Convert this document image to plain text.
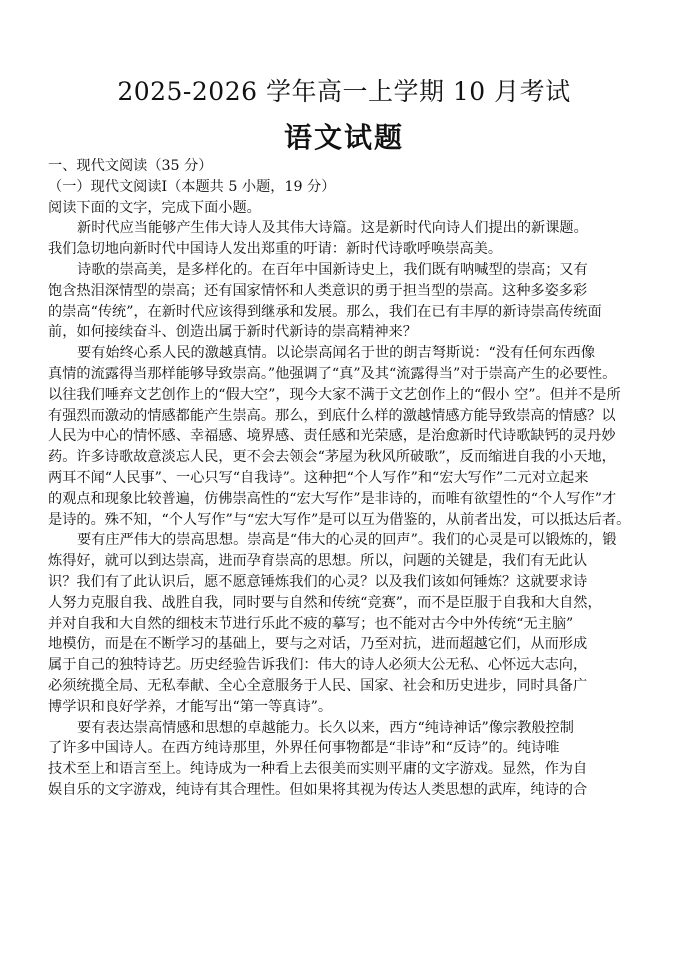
2025-2026 学年高一上学期 10 月考试
语文试题
一、现代文阅读（35 分）
（一）现代文阅读Ⅰ（本题共 5 小题，19 分）
阅读下面的文字，完成下面小题。
新时代应当能够产生伟大诗人及其伟大诗篇。这是新时代向诗人们提出的新课题。
我们急切地向新时代中国诗人发出郑重的吁请：新时代诗歌呼唤崇高美。
诗歌的崇高美，是多样化的。在百年中国新诗史上，我们既有呐喊型的崇高；又有
饱含热泪深情型的崇高；还有国家情怀和人类意识的勇于担当型的崇高。这种多姿多彩
的崇高“传统”，在新时代应该得到继承和发展。那么，我们在已有丰厚的新诗崇高传统面
前，如何接续奋斗、创造出属于新时代新诗的崇高精神来？
要有始终心系人民的激越真情。以论崇高闻名于世的朗吉弩斯说：“没有任何东西像
真情的流露得当那样能够导致崇高。”他强调了“真”及其“流露得当”对于崇高产生的必要性。
以往我们唾弃文艺创作上的“假大空”，现今大家不满于文艺创作上的“假小 空”。但并不是所
有强烈而激动的情感都能产生崇高。那么，到底什么样的激越情感方能导致崇高的情感？以
人民为中心的情怀感、幸福感、境界感、责任感和光荣感，是治愈新时代诗歌缺钙的灵丹妙
药。许多诗歌故意淡忘人民，更不会去领会“茅屋为秋风所破歌”，反而缩进自我的小天地，
两耳不闻“人民事”、一心只写“自我诗”。这种把“个人写作”和“宏大写作”二元对立起来
的观点和现象比较普遍，仿佛崇高性的“宏大写作”是非诗的，而唯有欲望性的“个人写作”才
是诗的。殊不知，“个人写作”与“宏大写作”是可以互为借鉴的，从前者出发，可以抵达后者。
要有庄严伟大的崇高思想。崇高是“伟大的心灵的回声”。我们的心灵是可以锻炼的，锻
炼得好，就可以到达崇高，进而孕育崇高的思想。所以，问题的关键是，我们有无此认
识？我们有了此认识后，愿不愿意锤炼我们的心灵？以及我们该如何锤炼？这就要求诗
人努力克服自我、战胜自我，同时要与自然和传统“竞赛”，而不是臣服于自我和大自然，
并对自我和大自然的细枝末节进行乐此不疲的摹写；也不能对古今中外传统“无主脑”
地模仿，而是在不断学习的基础上，要与之对话，乃至对抗，进而超越它们，从而形成
属于自己的独特诗艺。历史经验告诉我们：伟大的诗人必须大公无私、心怀远大志向，
必须统揽全局、无私奉献、全心全意服务于人民、国家、社会和历史进步，同时具备广
博学识和良好学养，才能写出“第一等真诗”。
要有表达崇高情感和思想的卓越能力。长久以来，西方“纯诗神话”像宗教般控制
了许多中国诗人。在西方纯诗那里，外界任何事物都是“非诗”和“反诗”的。纯诗唯
技术至上和语言至上。纯诗成为一种看上去很美而实则平庸的文字游戏。显然，作为自
娱自乐的文字游戏，纯诗有其合理性。但如果将其视为传达人类思想的武库，纯诗的合
